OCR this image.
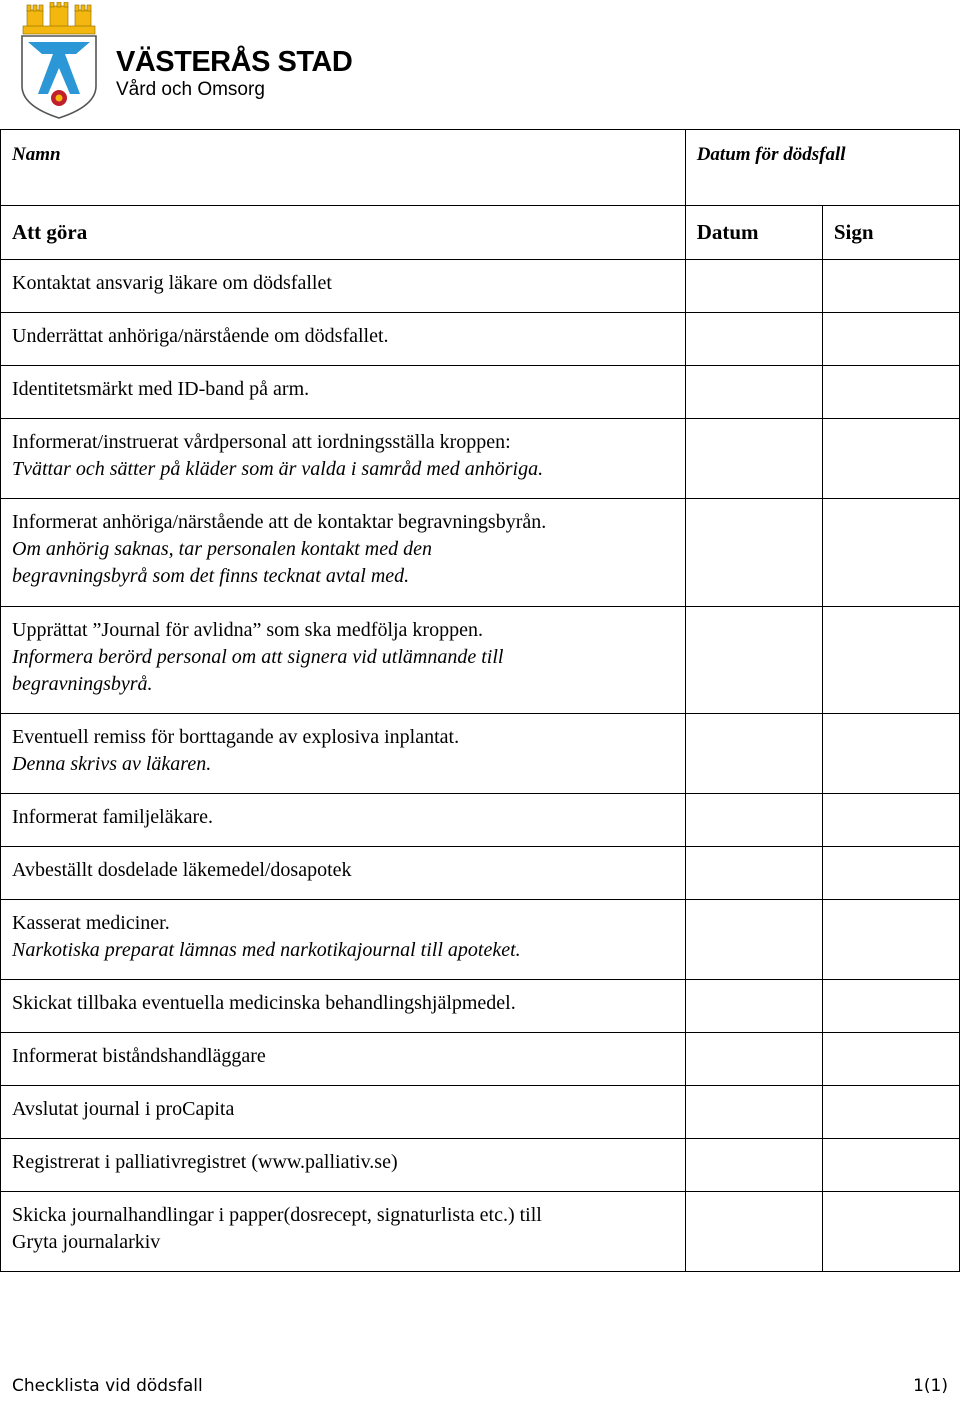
VÄSTERÅS STAD
Vård och Omsorg
Namn	Datum för dödsfall	

Att göra	Datum	Sign

Kontaktat ansvarig läkare om dödsfallet		

Underrättat anhöriga/närstående om dödsfallet.		

Identitetsmärkt med ID-band på arm.		

Informerat/instruerat vårdpersonal att iordningsställa kroppen:
Tvättar och sätter på kläder som är valda i samråd med anhöriga.		

Informerat anhöriga/närstående att de kontaktar begravningsbyrån.
Om anhörig saknas, tar personalen kontakt med den
begravningsbyrå som det finns tecknat avtal med.		

Upprättat ”Journal för avlidna” som ska medfölja kroppen.
Informera berörd personal om att signera vid utlämnande till
begravningsbyrå.		

Eventuell remiss för borttagande av explosiva inplantat.
Denna skrivs av läkaren.		

Informerat familjeläkare.		

Avbeställt dosdelade läkemedel/dosapotek		

Kasserat mediciner.
Narkotiska preparat lämnas med narkotikajournal till apoteket.		

Skickat tillbaka eventuella medicinska behandlingshjälpmedel.		

Informerat biståndshandläggare		

Avslutat journal i proCapita		

Registrerat i palliativregistret (www.palliativ.se)		

Skicka journalhandlingar i papper(dosrecept, signaturlista etc.) till
Gryta journalarkiv		

Checklista vid dödsfall	1(1)
